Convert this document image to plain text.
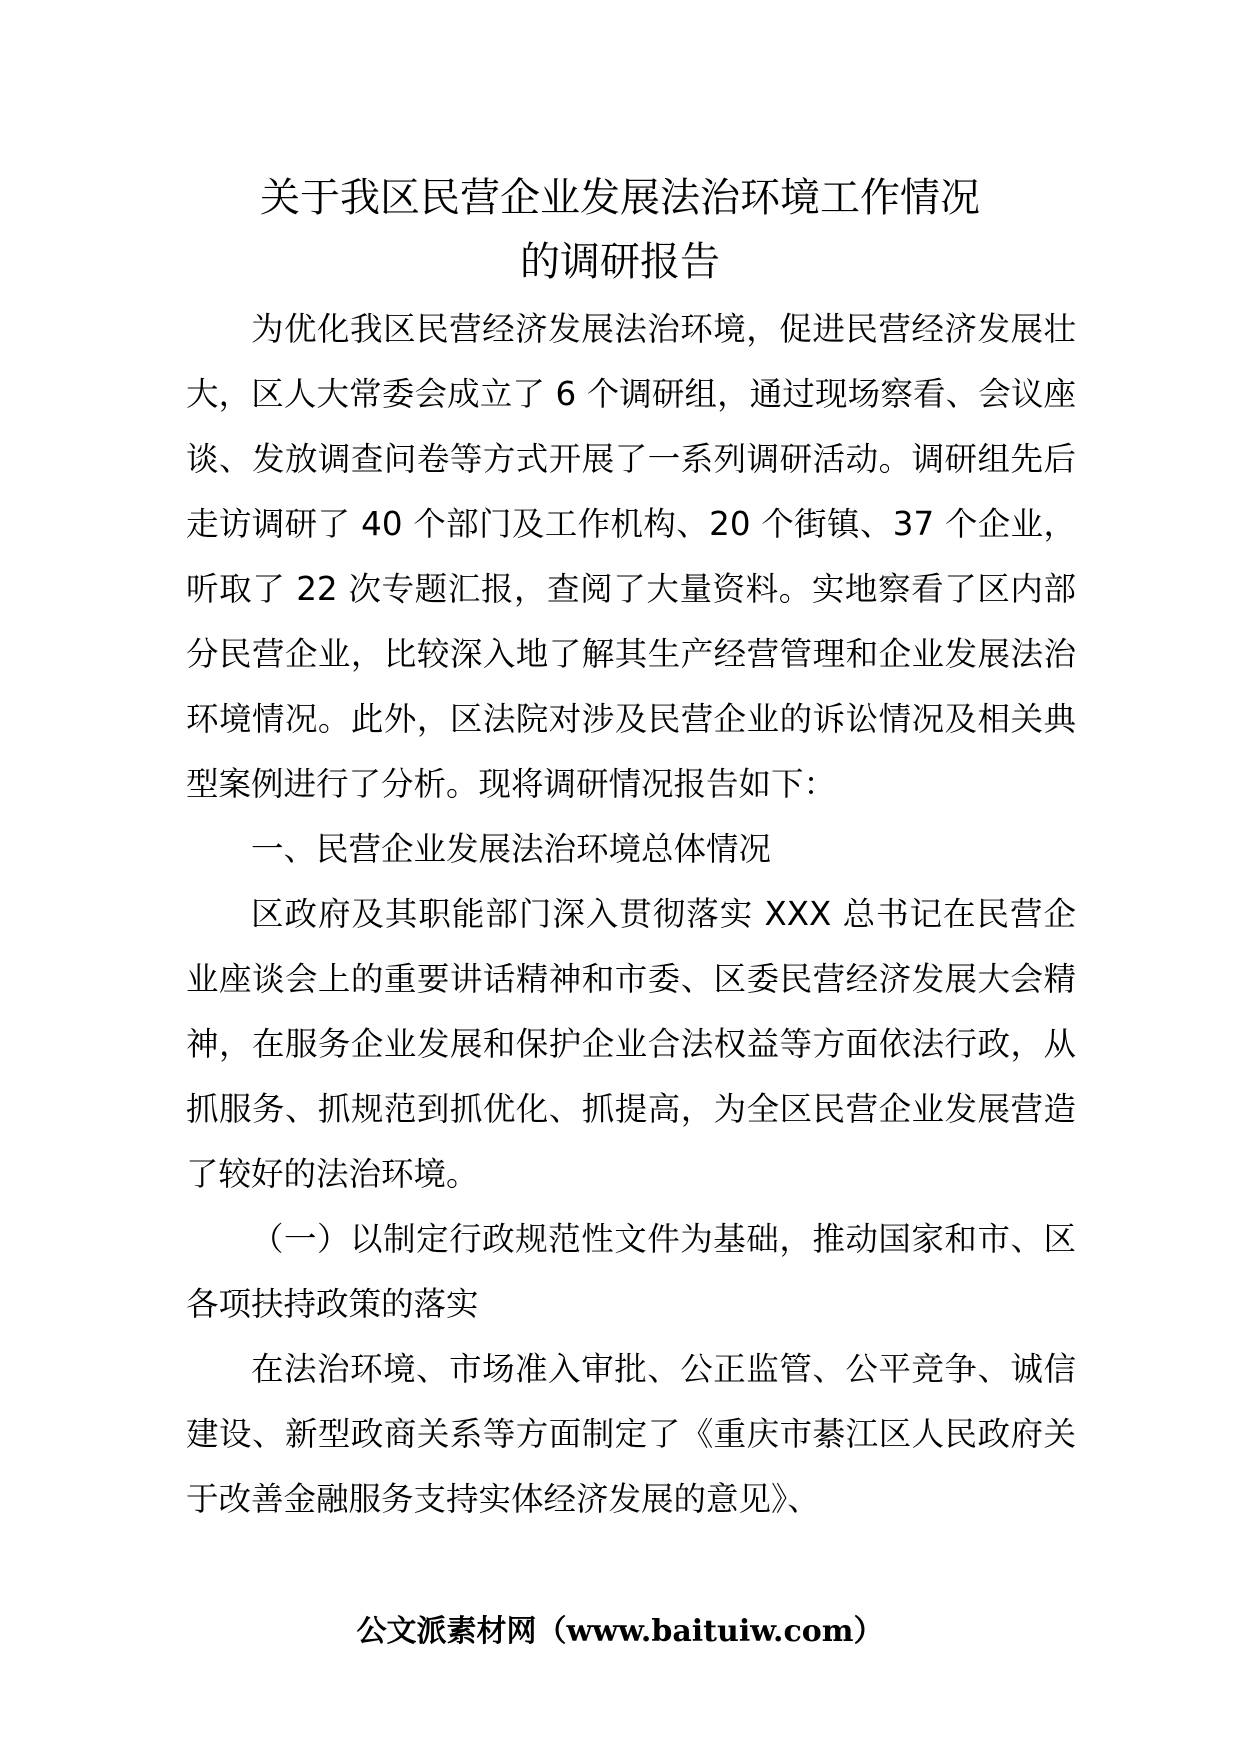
关于我区民营企业发展法治环境工作情况
的调研报告

为优化我区民营经济发展法治环境，促进民营经济发展壮大，区人大常委会成立了 6 个调研组，通过现场察看、会议座谈、发放调查问卷等方式开展了一系列调研活动。调研组先后走访调研了 40 个部门及工作机构、20 个街镇、37 个企业，听取了 22 次专题汇报，查阅了大量资料。实地察看了区内部分民营企业，比较深入地了解其生产经营管理和企业发展法治环境情况。此外，区法院对涉及民营企业的诉讼情况及相关典型案例进行了分析。现将调研情况报告如下：

一、民营企业发展法治环境总体情况

区政府及其职能部门深入贯彻落实 XXX 总书记在民营企业座谈会上的重要讲话精神和市委、区委民营经济发展大会精神，在服务企业发展和保护企业合法权益等方面依法行政，从抓服务、抓规范到抓优化、抓提高，为全区民营企业发展营造了较好的法治环境。

（一）以制定行政规范性文件为基础，推动国家和市、区各项扶持政策的落实

在法治环境、市场准入审批、公正监管、公平竞争、诚信建设、新型政商关系等方面制定了《重庆市綦江区人民政府关于改善金融服务支持实体经济发展的意见》、

公文派素材网（www.baituiw.com）
